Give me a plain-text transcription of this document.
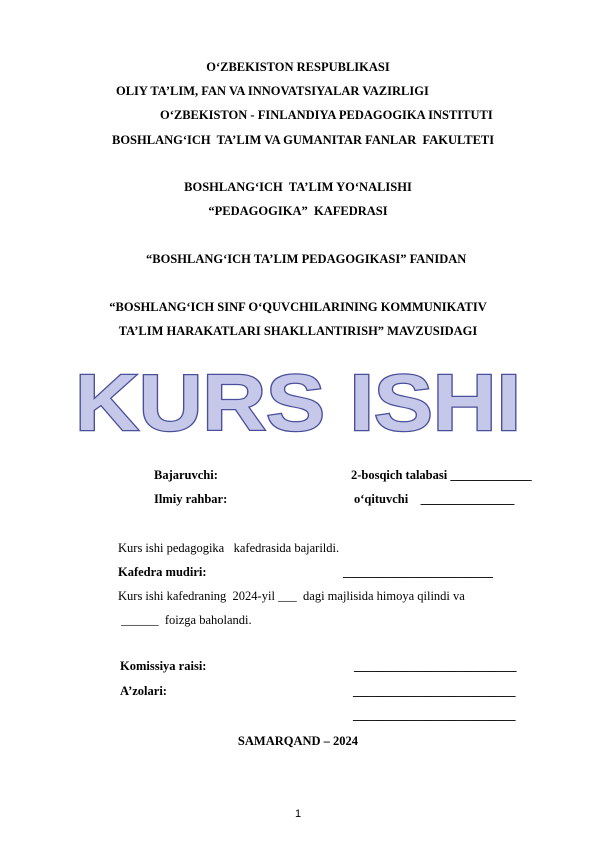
O‘ZBEKISTON RESPUBLIKASI
OLIY TA’LIM, FAN VA INNOVATSIYALAR VAZIRLIGI
O‘ZBEKISTON - FINLANDIYA PEDAGOGIKA INSTITUTI
BOSHLANG‘ICH  TA’LIM VA GUMANITAR FANLAR  FAKULTETI
BOSHLANG‘ICH  TA’LIM YO‘NALISHI
“PEDAGOGIKA”  KAFEDRASI
“BOSHLANG‘ICH TA’LIM PEDAGOGIKASI” FANIDAN
“BOSHLANG‘ICH SINF O‘QUVCHILARINING KOMMUNIKATIV
TA’LIM HARAKATLARI SHAKLLANTIRISH” MAVZUSIDAGI
KURS ISHI
Bajaruvchi:	2-bosqich talabasi _____________
Ilmiy rahbar:	o‘qituvchi    _______________
Kurs ishi pedagogika   kafedrasida bajarildi.
Kafedra mudiri:	________________________
Kurs ishi kafedraning  2024-yil ___  dagi majlisida himoya qilindi va
______  foizga baholandi.
Komissiya raisi:	__________________________
A’zolari:	__________________________
__________________________
SAMARQAND – 2024
1
